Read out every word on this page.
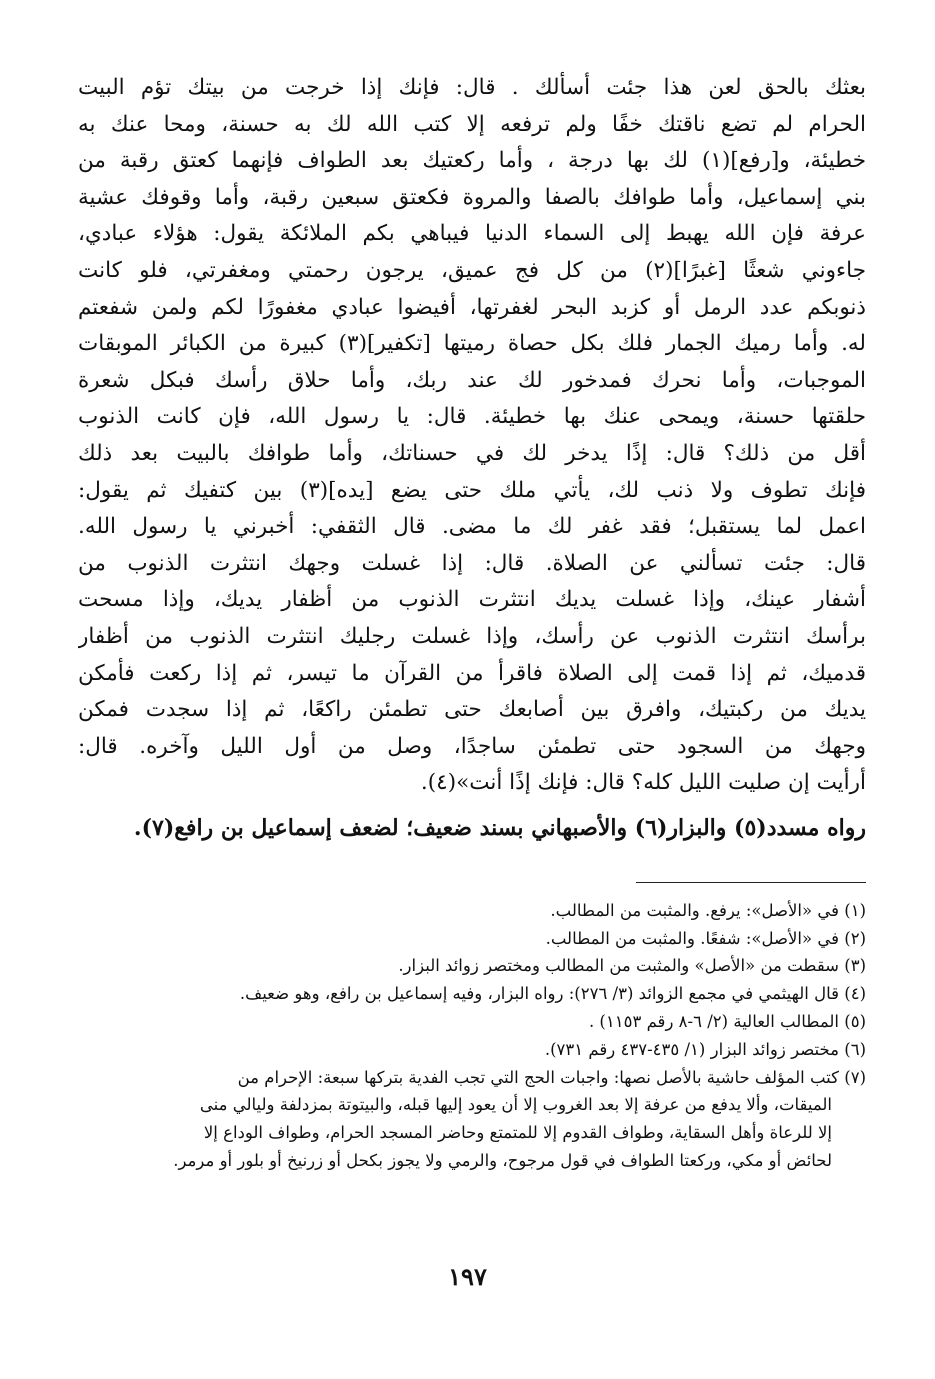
بعثك بالحق لعن هذا جئت أسألك . قال: فإنك إذا خرجت من بيتك تؤم البيت
الحرام لم تضع ناقتك خفًا ولم ترفعه إلا كتب الله لك به حسنة، ومحا عنك به
خطيئة، و[رفع](١) لك بها درجة ، وأما ركعتيك بعد الطواف فإنهما كعتق رقبة من
بني إسماعيل، وأما طوافك بالصفا والمروة فكعتق سبعين رقبة، وأما وقوفك عشية
عرفة فإن الله يهبط إلى السماء الدنيا فيباهي بكم الملائكة يقول: هؤلاء عبادي،
جاءوني شعثًا [غبرًا](٢) من كل فج عميق، يرجون رحمتي ومغفرتي، فلو كانت
ذنوبكم عدد الرمل أو كزبد البحر لغفرتها، أفيضوا عبادي مغفورًا لكم ولمن شفعتم
له. وأما رميك الجمار فلك بكل حصاة رميتها [تكفير](٣) كبيرة من الكبائر الموبقات
الموجبات، وأما نحرك فمدخور لك عند ربك، وأما حلاق رأسك فبكل شعرة
حلقتها حسنة، ويمحى عنك بها خطيئة. قال: يا رسول الله، فإن كانت الذنوب
أقل من ذلك؟ قال: إذًا يدخر لك في حسناتك، وأما طوافك بالبيت بعد ذلك
فإنك تطوف ولا ذنب لك، يأتي ملك حتى يضع [يده](٣) بين كتفيك ثم يقول:
اعمل لما يستقبل؛ فقد غفر لك ما مضى. قال الثقفي: أخبرني يا رسول الله.
قال: جئت تسألني عن الصلاة. قال: إذا غسلت وجهك انتثرت الذنوب من
أشفار عينك، وإذا غسلت يديك انتثرت الذنوب من أظفار يديك، وإذا مسحت
برأسك انتثرت الذنوب عن رأسك، وإذا غسلت رجليك انتثرت الذنوب من أظفار
قدميك، ثم إذا قمت إلى الصلاة فاقرأ من القرآن ما تيسر، ثم إذا ركعت فأمكن
يديك من ركبتيك، وافرق بين أصابعك حتى تطمئن راكعًا، ثم إذا سجدت فمكن
وجهك من السجود حتى تطمئن ساجدًا، وصل من أول الليل وآخره. قال:
أرأيت إن صليت الليل كله؟ قال: فإنك إذًا أنت»(٤).

رواه مسدد(٥) والبزار(٦) والأصبهاني بسند ضعيف؛ لضعف إسماعيل بن رافع(٧).

(١) في «الأصل»: يرفع. والمثبت من المطالب.
(٢) في «الأصل»: شفعًا. والمثبت من المطالب.
(٣) سقطت من «الأصل» والمثبت من المطالب ومختصر زوائد البزار.
(٤) قال الهيثمي في مجمع الزوائد (٣/ ٢٧٦): رواه البزار، وفيه إسماعيل بن رافع، وهو ضعيف.
(٥) المطالب العالية (٢/ ٦-٨ رقم ١١٥٣) .
(٦) مختصر زوائد البزار (١/ ٤٣٥-٤٣٧ رقم ٧٣١).
(٧) كتب المؤلف حاشية بالأصل نصها: واجبات الحج التي تجب الفدية بتركها سبعة: الإحرام من
الميقات، وألا يدفع من عرفة إلا بعد الغروب إلا أن يعود إليها قبله، والبيتوتة بمزدلفة وليالي منى
إلا للرعاة وأهل السقاية، وطواف القدوم إلا للمتمتع وحاضر المسجد الحرام، وطواف الوداع إلا
لحائض أو مكي، وركعتا الطواف في قول مرجوح، والرمي ولا يجوز بكحل أو زرنيخ أو بلور أو مرمر.
١٩٧
